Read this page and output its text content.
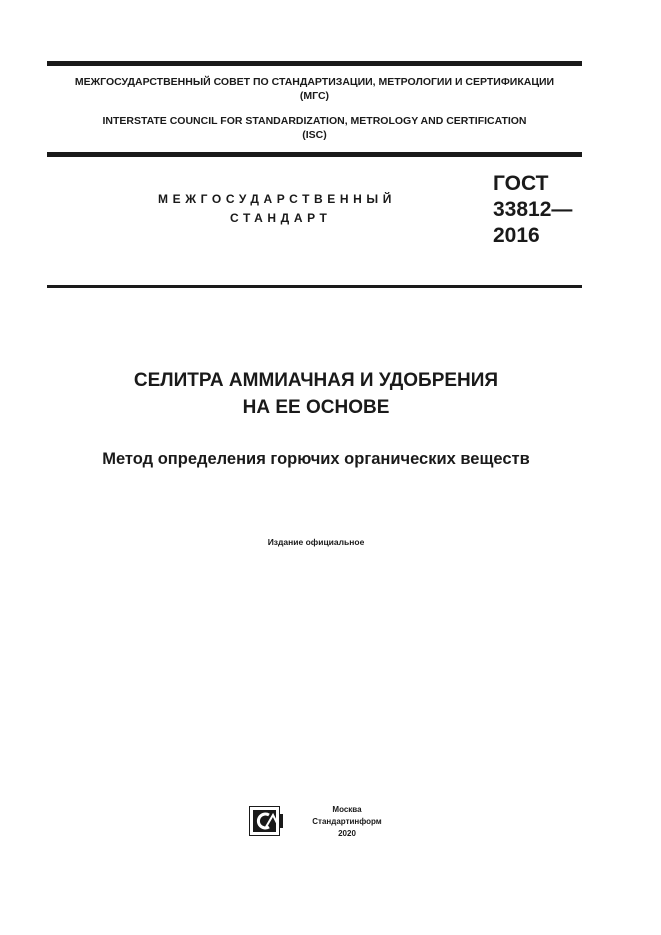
МЕЖГОСУДАРСТВЕННЫЙ СОВЕТ ПО СТАНДАРТИЗАЦИИ, МЕТРОЛОГИИ И СЕРТИФИКАЦИИ
(МГС)
INTERSTATE COUNCIL FOR STANDARDIZATION, METROLOGY AND CERTIFICATION
(ISC)
МЕЖГОСУДАРСТВЕННЫЙ
СТАНДАРТ
ГОСТ
33812—
2016
СЕЛИТРА АММИАЧНАЯ И УДОБРЕНИЯ
НА ЕЕ ОСНОВЕ
Метод определения горючих органических веществ
Издание официальное
Москва
Стандартинформ
2020
